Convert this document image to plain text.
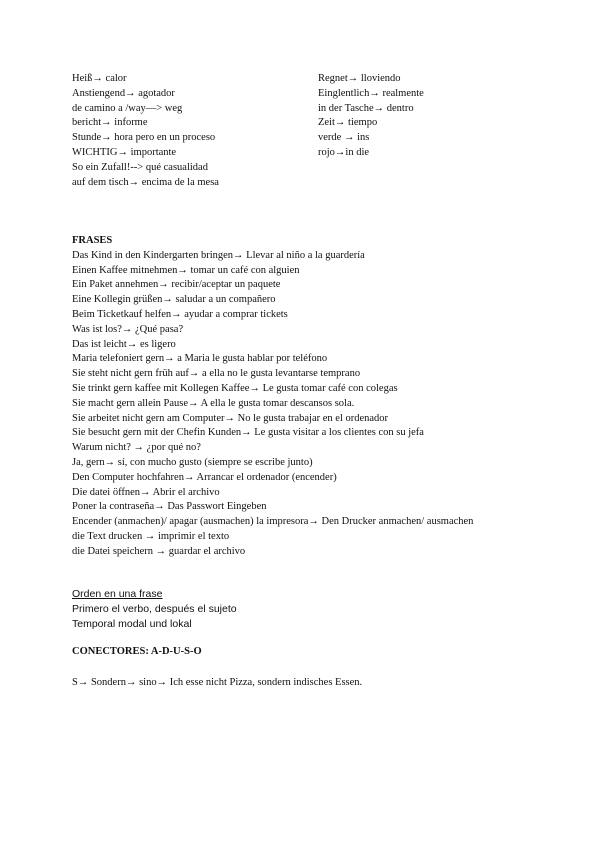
Heiß→ calor
Anstiengend→ agotador
de camino a /way—> weg
bericht→ informe
Stunde→ hora pero en un proceso
WICHTIG→ importante
So ein Zufall!--> qué casualidad
auf dem tisch→ encima de la mesa
Regnet→ lloviendo
Einglentlich→ realmente
in der Tasche→ dentro
Zeit→ tiempo
verde → ins
rojo→in die
FRASES
Das Kind in den Kindergarten bringen→ Llevar al niño a la guardería
Einen Kaffee mitnehmen→ tomar un café con alguien
Ein Paket annehmen→ recibir/aceptar un paquete
Eine Kollegin grüßen→ saludar a un compañero
Beim Ticketkauf helfen→ ayudar a comprar tickets
Was ist los?→ ¿Qué pasa?
Das ist leicht→ es ligero
Maria telefoniert gern→ a Maria le gusta hablar por teléfono
Sie steht nicht gern früh auf→ a ella no le gusta levantarse temprano
Sie trinkt gern kaffee mit Kollegen Kaffee→ Le gusta tomar café con colegas
Sie macht gern allein Pause→ A ella le gusta tomar descansos sola.
Sie arbeitet nicht gern am Computer→ No le gusta trabajar en el ordenador
Sie besucht gern mit der Chefin Kunden→ Le gusta visitar a los clientes con su jefa
Warum nicht? → ¿por qué no?
Ja, gern→ sí, con mucho gusto (siempre se escribe junto)
Den Computer hochfahren→ Arrancar el ordenador (encender)
Die datei öffnen→ Abrir el archivo
Poner la contraseña→ Das Passwort Eingeben
Encender (anmachen)/ apagar (ausmachen) la impresora→ Den Drucker anmachen/ ausmachen
die Text drucken → imprimir el texto
die Datei speichern → guardar el archivo
Orden en una frase
Primero el verbo, después el sujeto
Temporal modal und lokal
CONECTORES: A-D-U-S-O
S→ Sondern→ sino→ Ich esse nicht Pizza, sondern indisches Essen.
